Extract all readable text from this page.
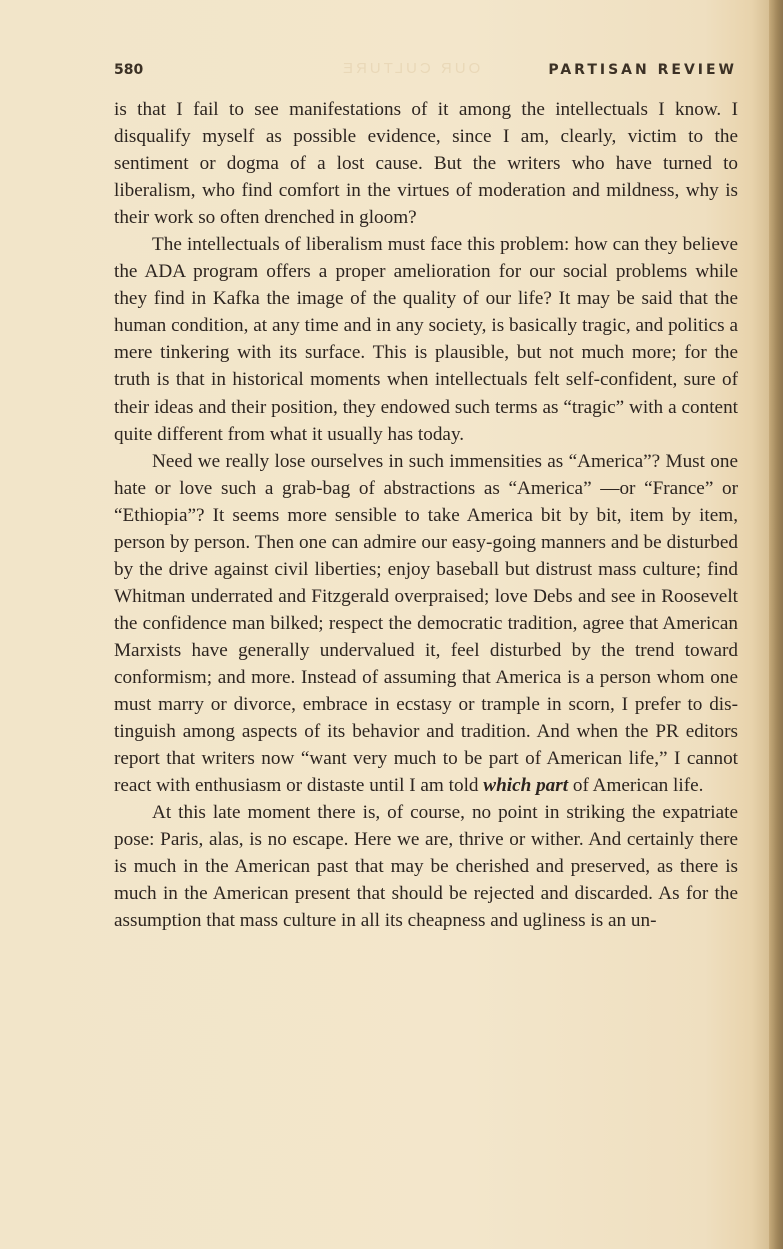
OUR CULTURE
580	PARTISAN REVIEW

is that I fail to see manifestations of it among the intellectuals I know. I disqualify myself as possible evidence, since I am, clearly, victim to the sentiment or dogma of a lost cause. But the writers who have turned to liberalism, who find comfort in the virtues of moderation and mildness, why is their work so often drenched in gloom?

The intellectuals of liberalism must face this problem: how can they believe the ADA program offers a proper amelioration for our social problems while they find in Kafka the image of the quality of our life? It may be said that the human condition, at any time and in any society, is basically tragic, and politics a mere tinkering with its surface. This is plausible, but not much more; for the truth is that in historical moments when intellectuals felt self-confident, sure of their ideas and their position, they endowed such terms as “tragic” with a content quite different from what it usually has today.

Need we really lose ourselves in such immensities as “America”? Must one hate or love such a grab-bag of abstractions as “America” —or “France” or “Ethiopia”? It seems more sensible to take America bit by bit, item by item, person by person. Then one can admire our easy-going manners and be disturbed by the drive against civil liberties; enjoy baseball but distrust mass culture; find Whitman underrated and Fitzgerald overpraised; love Debs and see in Roosevelt the confidence man bilked; respect the democratic tradition, agree that American Marxists have generally undervalued it, feel disturbed by the trend toward conformism; and more. Instead of assuming that America is a person whom one must marry or divorce, embrace in ecstasy or trample in scorn, I prefer to distinguish among aspects of its behavior and tradition. And when the PR editors report that writers now “want very much to be part of American life,” I cannot react with enthusiasm or distaste until I am told which part of American life.

At this late moment there is, of course, no point in striking the expatriate pose: Paris, alas, is no escape. Here we are, thrive or wither. And certainly there is much in the American past that may be cherished and preserved, as there is much in the American present that should be rejected and discarded. As for the assumption that mass culture in all its cheapness and ugliness is an un-
